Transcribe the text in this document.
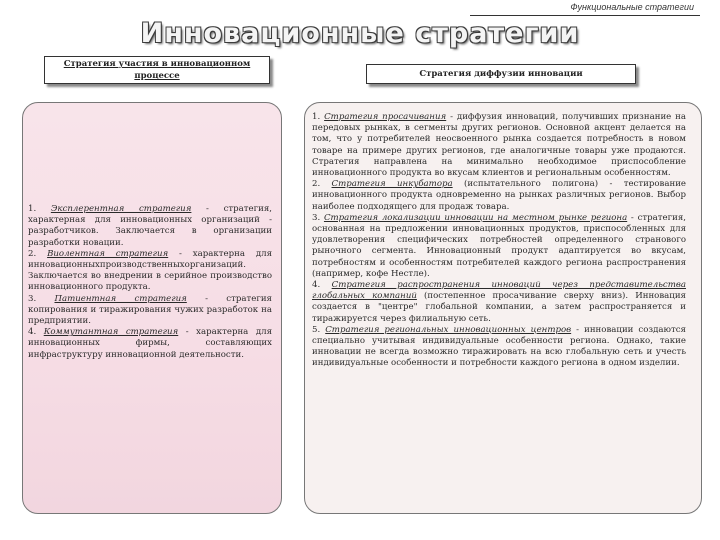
Функциональные стратегии
Инновационные стратегии
Стратегия участия в инновационном процессе	Стратегия диффузии инновации

1. Эксплерентная стратегия - стратегия, характерная для инновационных организаций - разработчиков. Заключается в организации разработки новации.

2. Виолентная стратегия - характерна для инновационныхпроизводственныхорганизаций. Заключается во внедрении в серийное производство инновационного продукта.

3. Патиентная стратегия - стратегия копирования и тиражирования чужих разработок на предприятии.

4. Коммутантная стратегия - характерна для инновационных фирмы, составляющих инфраструктуру инновационной деятельности.

1. Стратегия просачивания - диффузия инноваций, получивших признание на передовых рынках, в сегменты других регионов. Основной акцент делается на том, что у потребителей неосвоенного рынка создается потребность в новом товаре на примере других регионов, где аналогичные товары уже продаются. Стратегия направлена на минимально необходимое приспособление инновационного продукта во вкусам клиентов и региональным особенностям.

2. Стратегия инкубатора (испытательного полигона) - тестирование инновационного продукта одновременно на рынках различных регионов. Выбор наиболее подходящего для продаж товара.

3. Стратегия локализации инновации на местном рынке региона - стратегия, основанная на предложении инновационных продуктов, приспособленных для удовлетворения специфических потребностей определенного странового рыночного сегмента. Инновационный продукт адаптируется во вкусам, потребностям и особенностям потребителей каждого региона распространения (например, кофе Нестле).

4. Стратегия распространения инноваций через представительства глобальных компаний (постепенное просачивание сверху вниз). Инновация создается в "центре" глобальной компании, а затем распространяется и тиражируется через филиальную сеть.

5. Стратегия региональных инновационных центров - инновации создаются специально учитывая индивидуальные особенности региона. Однако, такие инновации не всегда возможно тиражировать на всю глобальную сеть и учесть индивидуальные особенности и потребности каждого региона в одном изделии.
